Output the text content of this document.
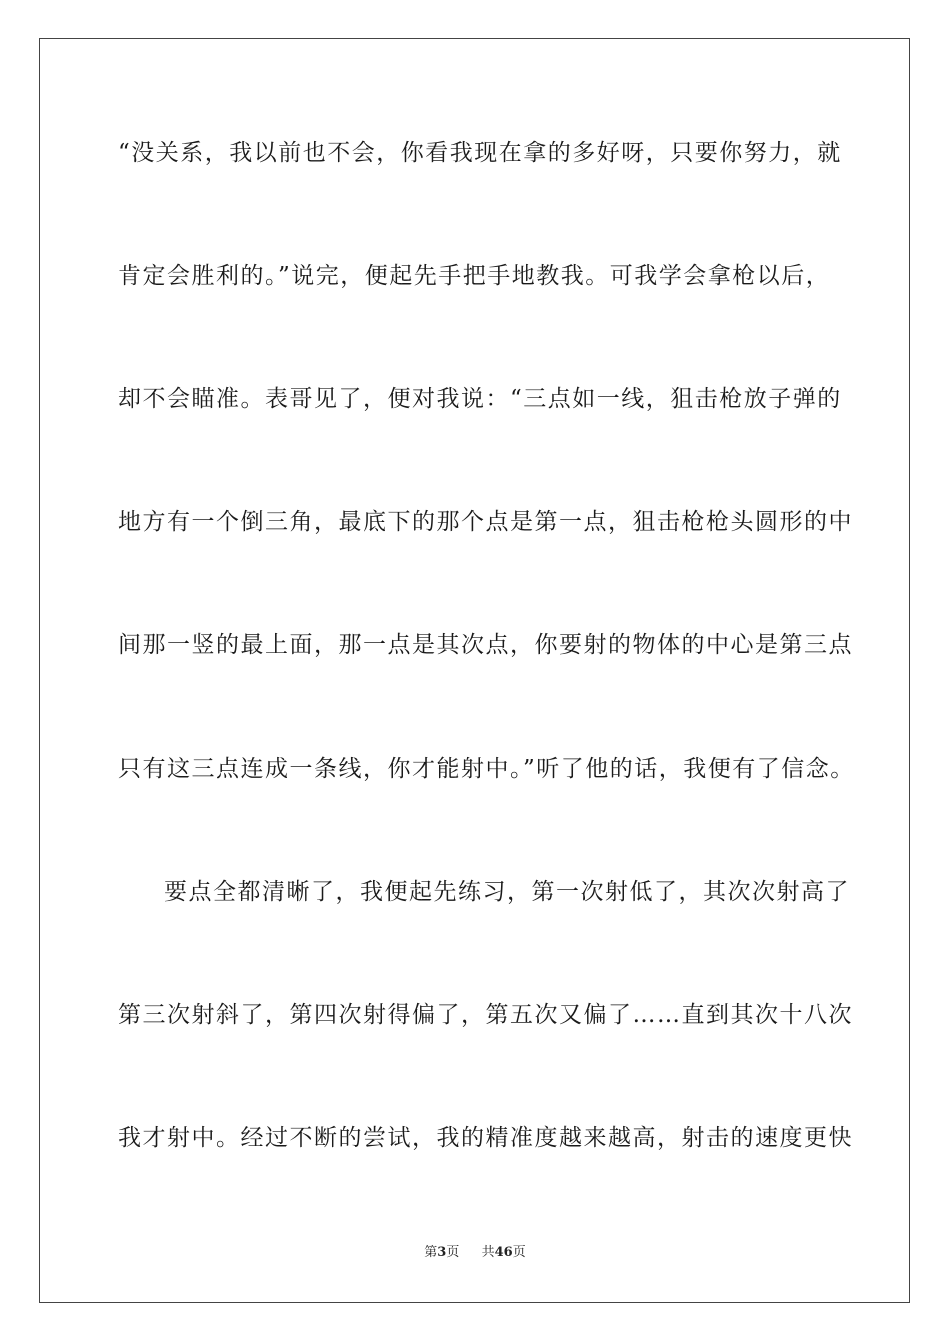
“没关系，我以前也不会，你看我现在拿的多好呀，只要你努力，就
肯定会胜利的。”说完，便起先手把手地教我。可我学会拿枪以后，
却不会瞄准。表哥见了，便对我说：“三点如一线，狙击枪放子弹的
地方有一个倒三角，最底下的那个点是第一点，狙击枪枪头圆形的中
间那一竖的最上面，那一点是其次点，你要射的物体的中心是第三点
只有这三点连成一条线，你才能射中。”听了他的话，我便有了信念。
要点全都清晰了，我便起先练习，第一次射低了，其次次射高了
第三次射斜了，第四次射得偏了，第五次又偏了……直到其次十八次
我才射中。经过不断的尝试，我的精准度越来越高，射击的速度更快
第3页 共46页
